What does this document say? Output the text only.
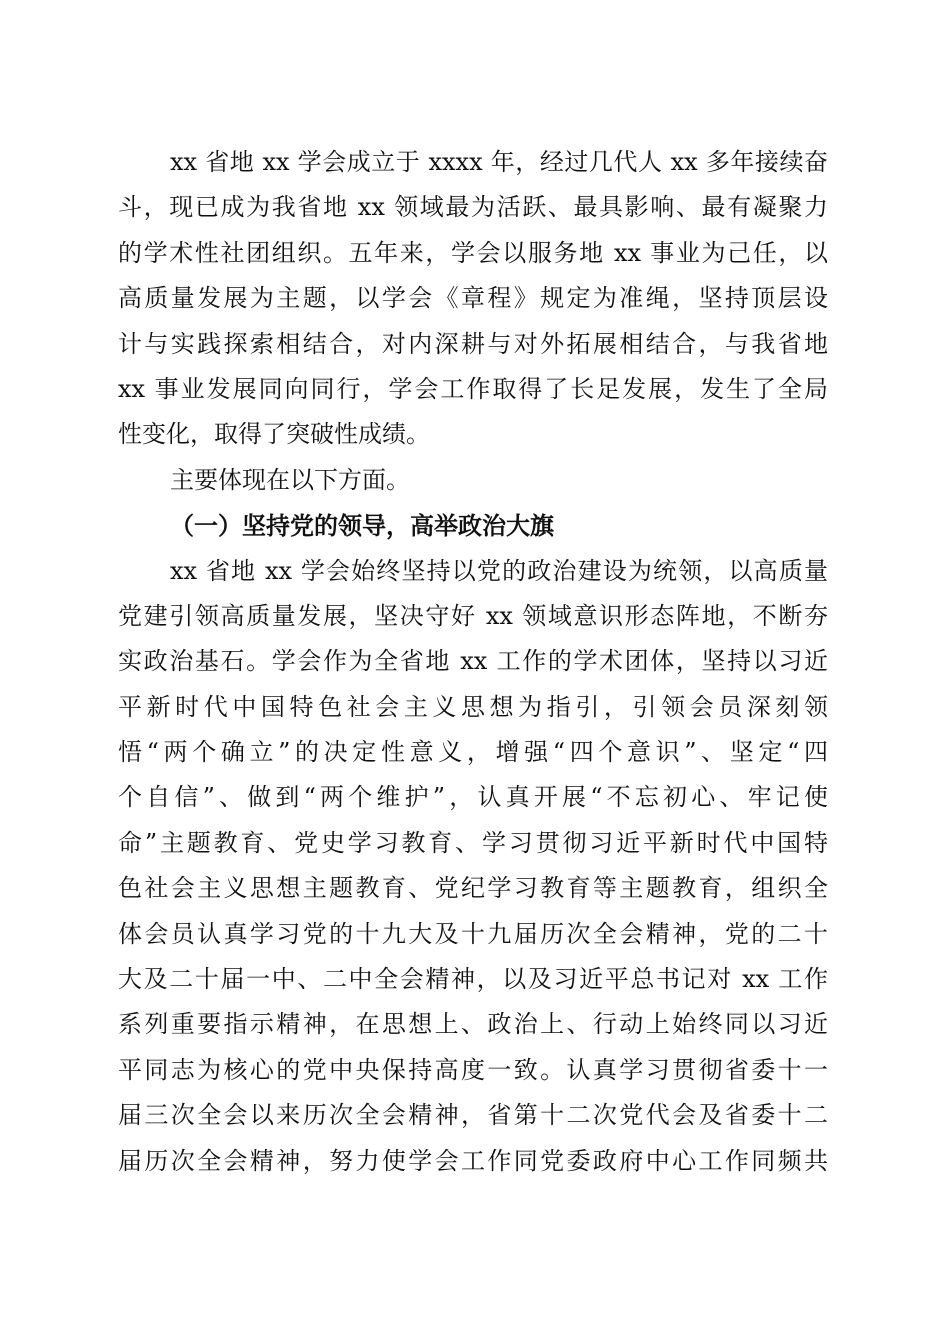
xx 省地 xx 学会成立于 xxxx 年，经过几代人 xx 多年接续奋
斗，现已成为我省地 xx 领域最为活跃、最具影响、最有凝聚力
的学术性社团组织。五年来，学会以服务地 xx 事业为己任，以
高质量发展为主题，以学会《章程》规定为准绳，坚持顶层设
计与实践探索相结合，对内深耕与对外拓展相结合，与我省地
xx 事业发展同向同行，学会工作取得了长足发展，发生了全局
性变化，取得了突破性成绩。
主要体现在以下方面。
（一）坚持党的领导，高举政治大旗
xx 省地 xx 学会始终坚持以党的政治建设为统领，以高质量
党建引领高质量发展，坚决守好 xx 领域意识形态阵地，不断夯
实政治基石。学会作为全省地 xx 工作的学术团体，坚持以习近
平新时代中国特色社会主义思想为指引，引领会员深刻领
悟“两个确立”的决定性意义，增强“四个意识”、坚定“四
个自信”、做到“两个维护”，认真开展“不忘初心、牢记使
命”主题教育、党史学习教育、学习贯彻习近平新时代中国特
色社会主义思想主题教育、党纪学习教育等主题教育，组织全
体会员认真学习党的十九大及十九届历次全会精神，党的二十
大及二十届一中、二中全会精神，以及习近平总书记对 xx 工作
系列重要指示精神，在思想上、政治上、行动上始终同以习近
平同志为核心的党中央保持高度一致。认真学习贯彻省委十一
届三次全会以来历次全会精神，省第十二次党代会及省委十二
届历次全会精神，努力使学会工作同党委政府中心工作同频共
